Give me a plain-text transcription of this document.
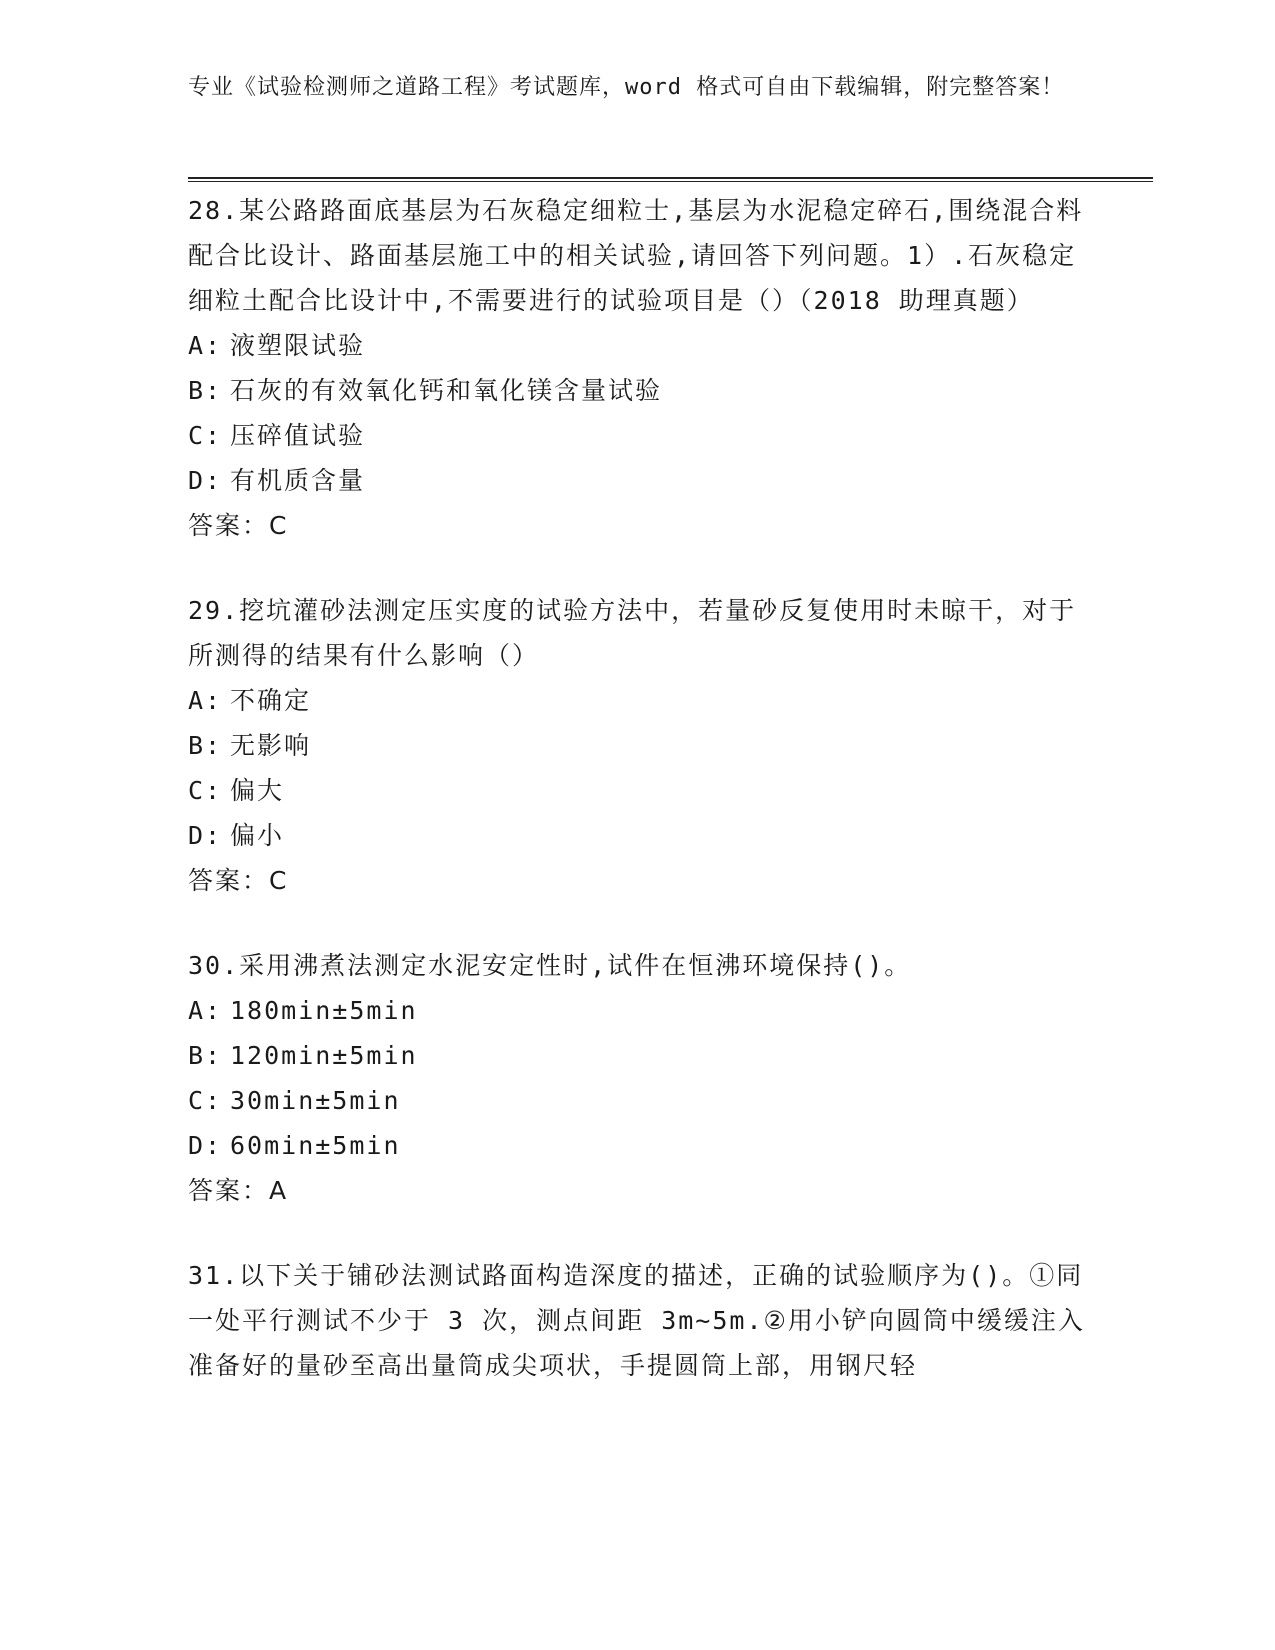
专业《试验检测师之道路工程》考试题库，word 格式可自由下载编辑，附完整答案！

28.某公路路面底基层为石灰稳定细粒士,基层为水泥稳定碎石,围绕混合料配合比设计、路面基层施工中的相关试验,请回答下列问题。1）.石灰稳定细粒土配合比设计中,不需要进行的试验项目是（）（2018 助理真题）

A: 液塑限试验

B: 石灰的有效氧化钙和氧化镁含量试验

C: 压碎值试验

D: 有机质含量

答案：C

29.挖坑灌砂法测定压实度的试验方法中，若量砂反复使用时未晾干，对于所测得的结果有什么影响（）

A: 不确定

B: 无影响

C: 偏大

D: 偏小

答案：C

30.采用沸煮法测定水泥安定性时,试件在恒沸环境保持()。

A: 180min±5min

B: 120min±5min

C: 30min±5min

D: 60min±5min

答案：A

31.以下关于铺砂法测试路面构造深度的描述，正确的试验顺序为()。①同一处平行测试不少于 3 次，测点间距 3m~5m.②用小铲向圆筒中缓缓注入准备好的量砂至高出量筒成尖项状，手提圆筒上部，用钢尺轻
